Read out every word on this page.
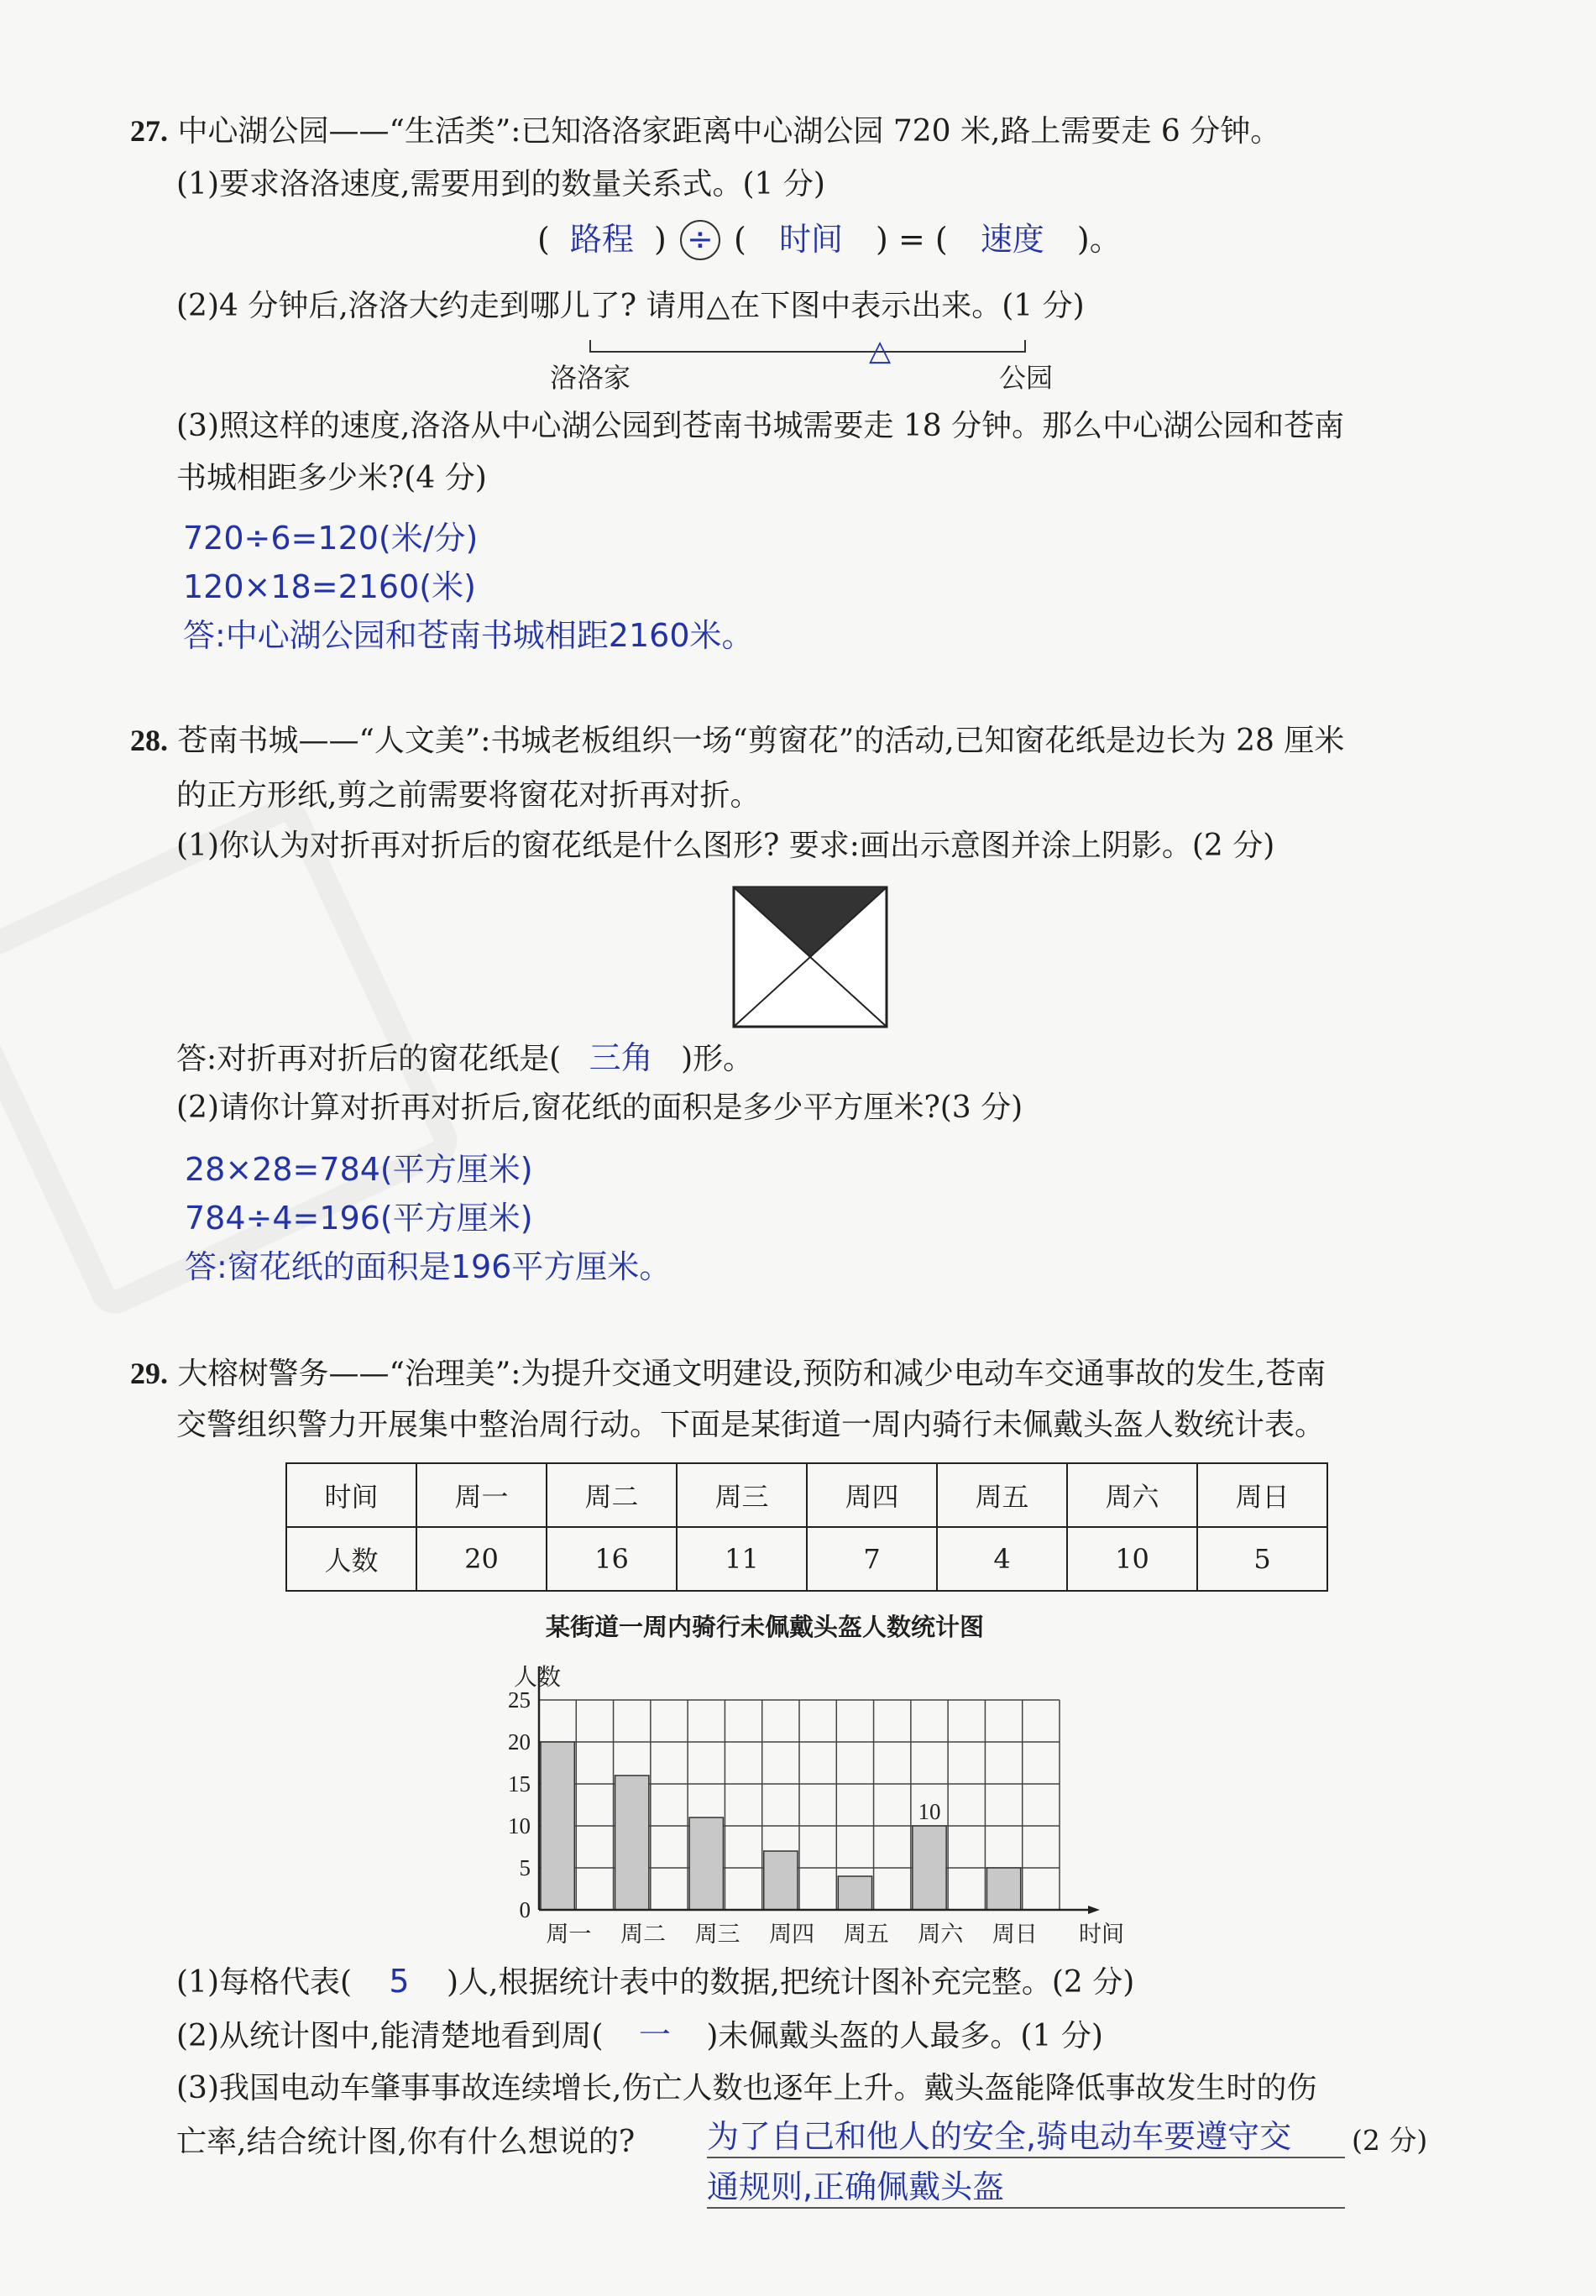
27. 中心湖公园——“生活类”:已知洛洛家距离中心湖公园 720 米,路上需要走 6 分钟。
(1)要求洛洛速度,需要用到的数量关系式。(1 分)
( 路程 ) ÷ ( 时间 ) = ( 速度 )。
(2)4 分钟后,洛洛大约走到哪儿了? 请用△在下图中表示出来。(1 分)
△
洛洛家	公园
(3)照这样的速度,洛洛从中心湖公园到苍南书城需要走 18 分钟。那么中心湖公园和苍南
书城相距多少米?(4 分)
720÷6=120(米/分)
120×18=2160(米)
答:中心湖公园和苍南书城相距2160米。
28. 苍南书城——“人文美”:书城老板组织一场“剪窗花”的活动,已知窗花纸是边长为 28 厘米
的正方形纸,剪之前需要将窗花对折再对折。
(1)你认为对折再对折后的窗花纸是什么图形? 要求:画出示意图并涂上阴影。(2 分)
答:对折再对折后的窗花纸是( 三角 )形。
(2)请你计算对折再对折后,窗花纸的面积是多少平方厘米?(3 分)
28×28=784(平方厘米)
784÷4=196(平方厘米)
答:窗花纸的面积是196平方厘米。
29. 大榕树警务——“治理美”:为提升交通文明建设,预防和减少电动车交通事故的发生,苍南
交警组织警力开展集中整治周行动。下面是某街道一周内骑行未佩戴头盔人数统计表。
时间	周一	周二	周三	周四	周五	周六	周日
人数	20	16	11	7	4	10	5
某街道一周内骑行未佩戴头盔人数统计图
0
5
10
15
20
25
人数
周一 周二 周三 周四 周五 周六 周日 时间
10
(1)每格代表( 5 )人,根据统计表中的数据,把统计图补充完整。(2 分)
(2)从统计图中,能清楚地看到周( 一 )未佩戴头盔的人最多。(1 分)
(3)我国电动车肇事事故连续增长,伤亡人数也逐年上升。戴头盔能降低事故发生时的伤
亡率,结合统计图,你有什么想说的? 为了自己和他人的安全,骑电动车要遵守交	(2 分)
通规则,正确佩戴头盔
